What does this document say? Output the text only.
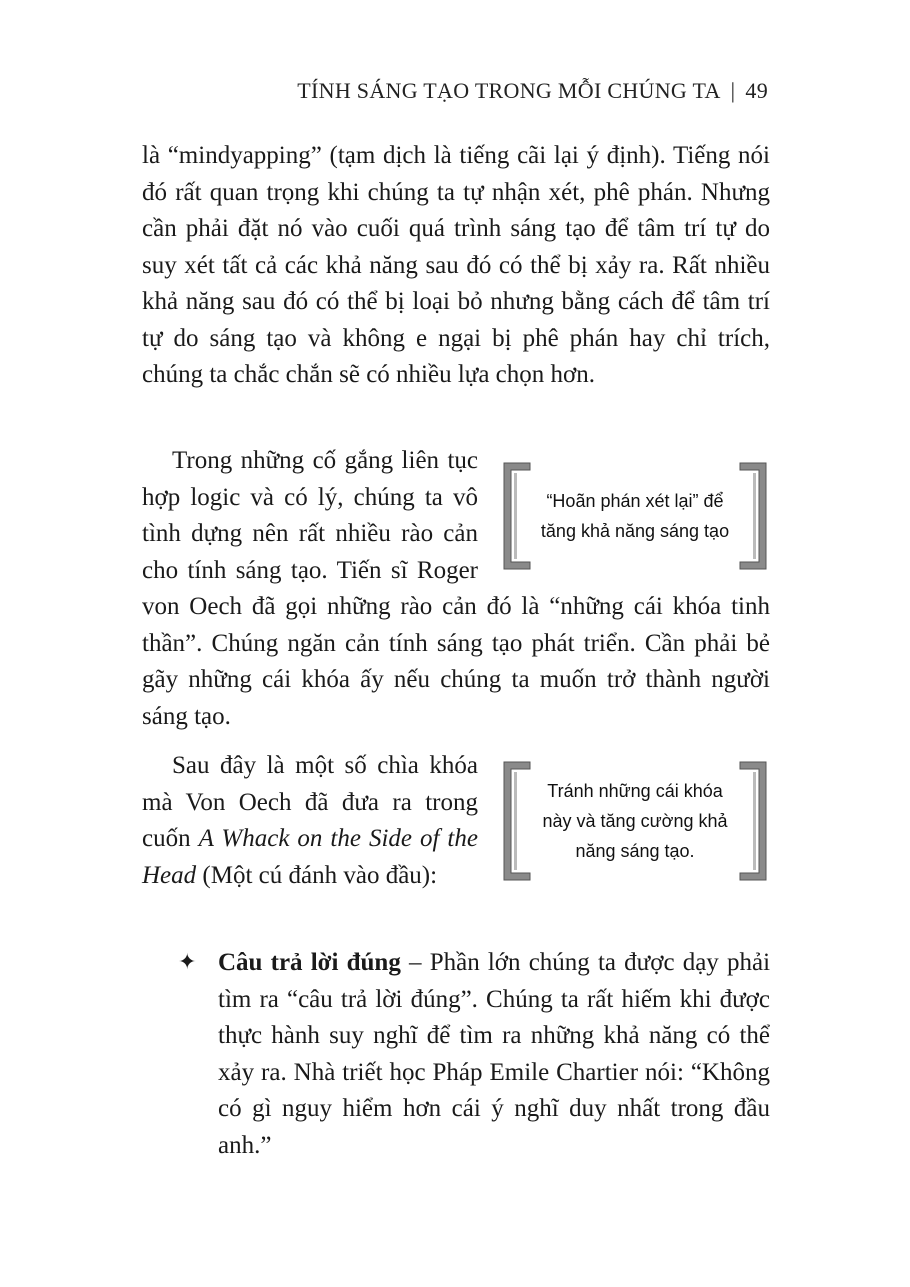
TÍNH SÁNG TẠO TRONG MỖI CHÚNG TA | 49
là “mindyapping” (tạm dịch là tiếng cãi lại ý định). Tiếng nói đó rất quan trọng khi chúng ta tự nhận xét, phê phán. Nhưng cần phải đặt nó vào cuối quá trình sáng tạo để tâm trí tự do suy xét tất cả các khả năng sau đó có thể bị xảy ra. Rất nhiều khả năng sau đó có thể bị loại bỏ nhưng bằng cách để tâm trí tự do sáng tạo và không e ngại bị phê phán hay chỉ trích, chúng ta chắc chắn sẽ có nhiều lựa chọn hơn.
“Hoãn phán xét lại” để tăng khả năng sáng tạo
Trong những cố gắng liên tục hợp logic và có lý, chúng ta vô tình dựng nên rất nhiều rào cản cho tính sáng tạo. Tiến sĩ Roger von Oech đã gọi những rào cản đó là “những cái khóa tinh thần”. Chúng ngăn cản tính sáng tạo phát triển. Cần phải bẻ gãy những cái khóa ấy nếu chúng ta muốn trở thành người sáng tạo.
Tránh những cái khóa này và tăng cường khả năng sáng tạo.
Sau đây là một số chìa khóa mà Von Oech đã đưa ra trong cuốn A Whack on the Side of the Head (Một cú đánh vào đầu):
✦ Câu trả lời đúng – Phần lớn chúng ta được dạy phải tìm ra “câu trả lời đúng”. Chúng ta rất hiếm khi được thực hành suy nghĩ để tìm ra những khả năng có thể xảy ra. Nhà triết học Pháp Emile Chartier nói: “Không có gì nguy hiểm hơn cái ý nghĩ duy nhất trong đầu anh.”
